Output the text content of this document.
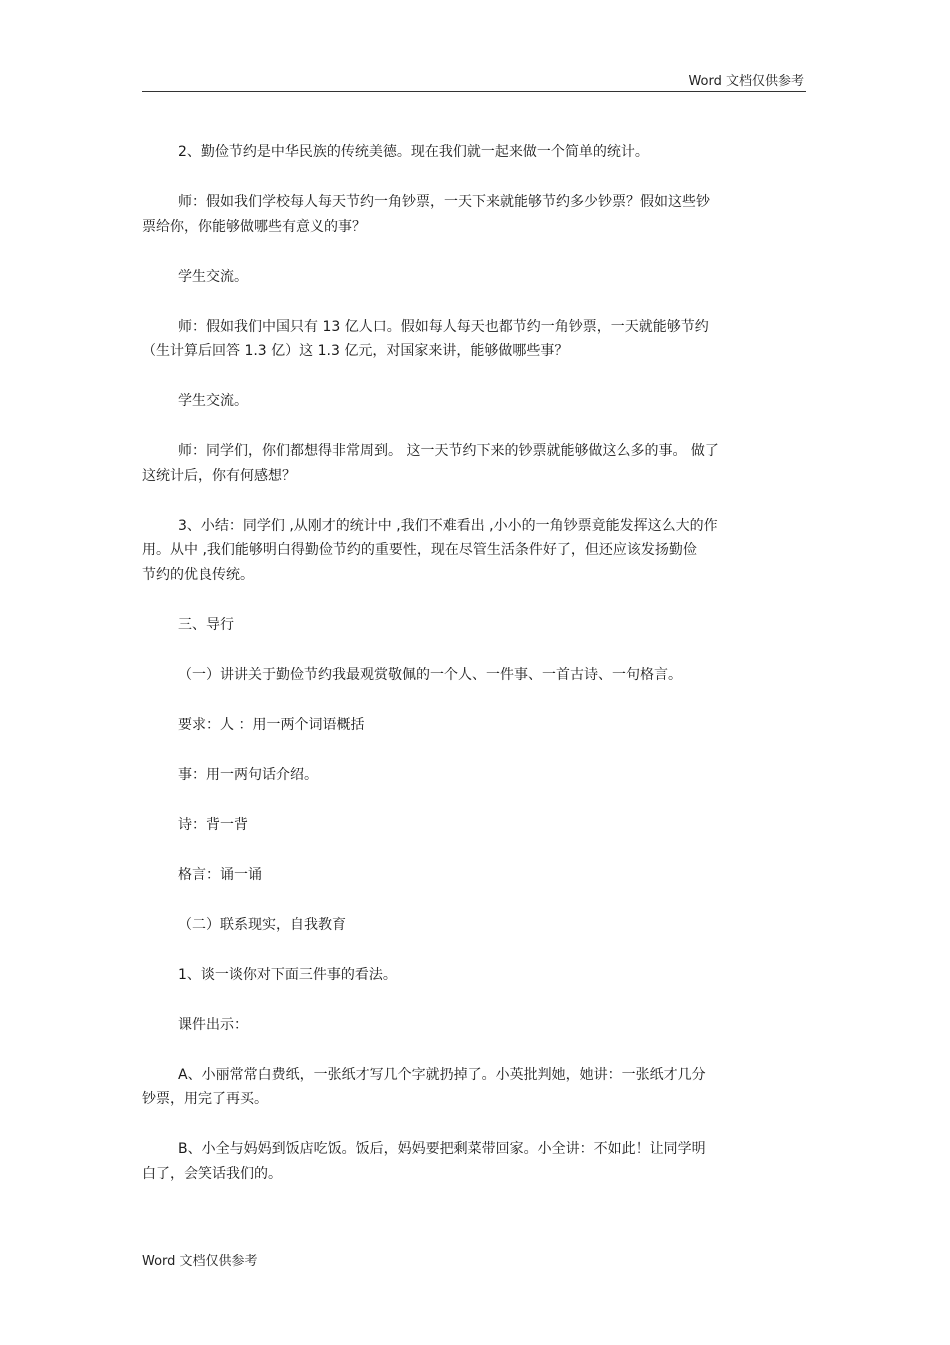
Word 文档仅供参考

2、勤俭节约是中华民族的传统美德。现在我们就一起来做一个简单的统计。

师：假如我们学校每人每天节约一角钞票，一天下来就能够节约多少钞票？假如这些钞
票给你，你能够做哪些有意义的事？

学生交流。

师：假如我们中国只有 13 亿人口。假如每人每天也都节约一角钞票，一天就能够节约
（生计算后回答 1.3 亿）这 1.3 亿元，对国家来讲，能够做哪些事？

学生交流。

师：同学们，你们都想得非常周到。 这一天节约下来的钞票就能够做这么多的事。 做了
这统计后，你有何感想？

3、小结：同学们 ,从刚才的统计中 ,我们不难看出 ,小小的一角钞票竟能发挥这么大的作
用。从中 ,我们能够明白得勤俭节约的重要性，现在尽管生活条件好了，但还应该发扬勤俭
节约的优良传统。

三、导行

（一）讲讲关于勤俭节约我最观赏敬佩的一个人、一件事、一首古诗、一句格言。

要求：人 ：用一两个词语概括

事：用一两句话介绍。

诗：背一背

格言：诵一诵

（二）联系现实，自我教育

1、谈一谈你对下面三件事的看法。

课件出示：

A、小丽常常白费纸，一张纸才写几个字就扔掉了。小英批判她，她讲：一张纸才几分
钞票，用完了再买。

B、小全与妈妈到饭店吃饭。饭后，妈妈要把剩菜带回家。小全讲：不如此！让同学明
白了，会笑话我们的。

Word 文档仅供参考
